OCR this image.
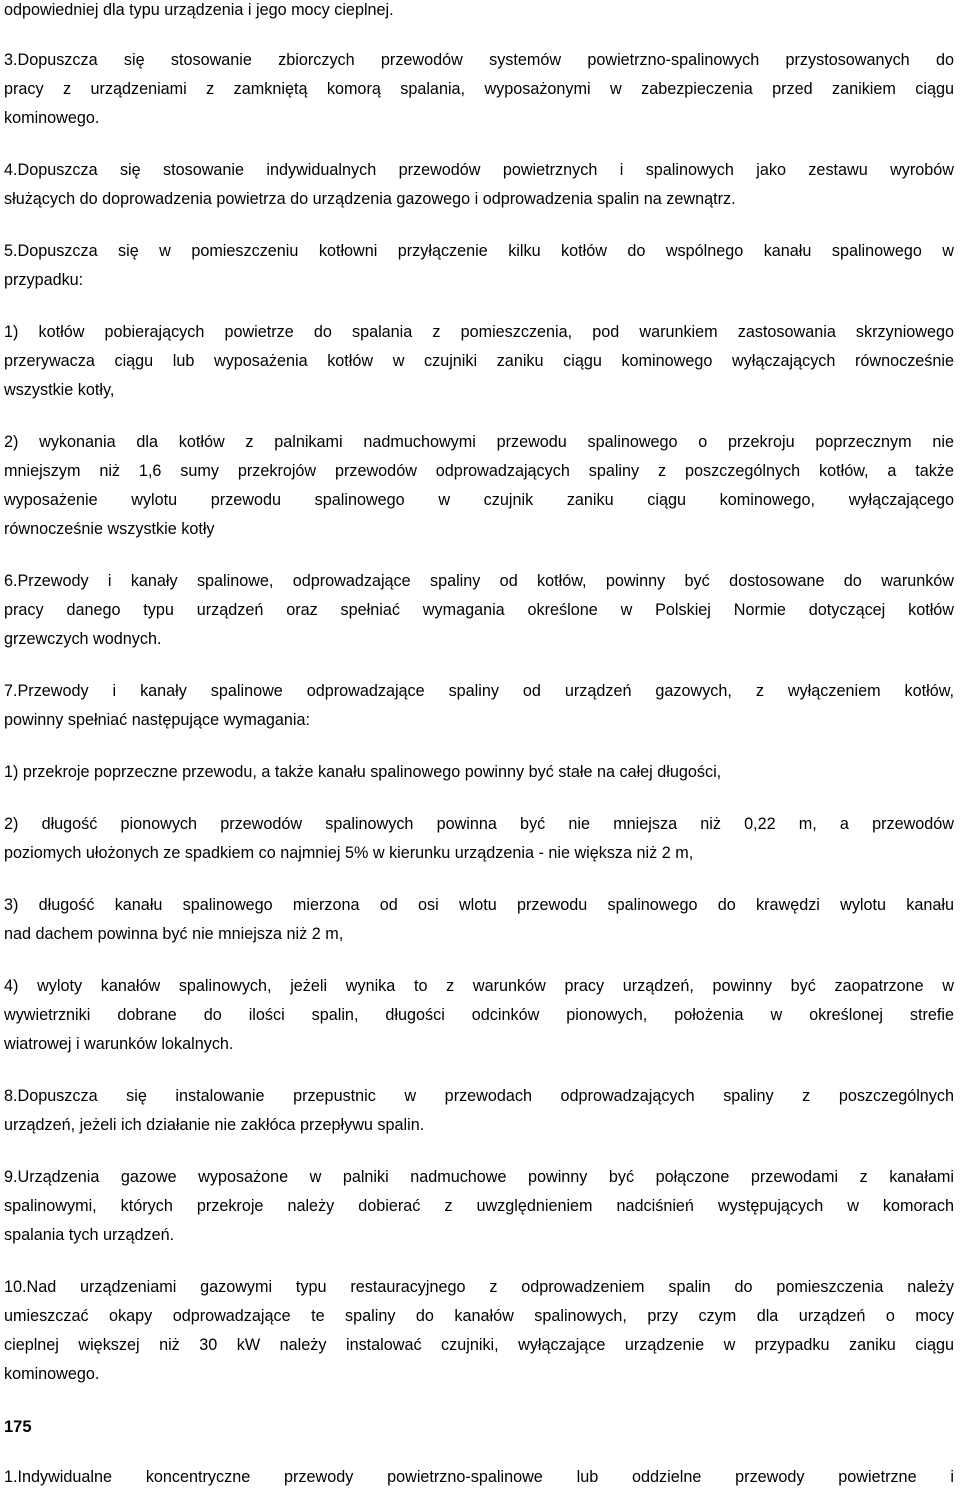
odpowiedniej dla typu urządzenia i jego mocy cieplnej.
3.Dopuszcza się stosowanie zbiorczych przewodów systemów powietrzno-spalinowych przystosowanych do
pracy z urządzeniami z zamkniętą komorą spalania, wyposażonymi w zabezpieczenia przed zanikiem ciągu
kominowego.
4.Dopuszcza się stosowanie indywidualnych przewodów powietrznych i spalinowych jako zestawu wyrobów
służących do doprowadzenia powietrza do urządzenia gazowego i odprowadzenia spalin na zewnątrz.
5.Dopuszcza się w pomieszczeniu kotłowni przyłączenie kilku kotłów do wspólnego kanału spalinowego w
przypadku:
1) kotłów pobierających powietrze do spalania z pomieszczenia, pod warunkiem zastosowania skrzyniowego
przerywacza ciągu lub wyposażenia kotłów w czujniki zaniku ciągu kominowego wyłączających równocześnie
wszystkie kotły,
2) wykonania dla kotłów z palnikami nadmuchowymi przewodu spalinowego o przekroju poprzecznym nie
mniejszym niż 1,6 sumy przekrojów przewodów odprowadzających spaliny z poszczególnych kotłów, a także
wyposażenie wylotu przewodu spalinowego w czujnik zaniku ciągu kominowego, wyłączającego
równocześnie wszystkie kotły
6.Przewody i kanały spalinowe, odprowadzające spaliny od kotłów, powinny być dostosowane do warunków
pracy danego typu urządzeń oraz spełniać wymagania określone w Polskiej Normie dotyczącej kotłów
grzewczych wodnych.
7.Przewody i kanały spalinowe odprowadzające spaliny od urządzeń gazowych, z wyłączeniem kotłów,
powinny spełniać następujące wymagania:
1) przekroje poprzeczne przewodu, a także kanału spalinowego powinny być stałe na całej długości,
2) długość pionowych przewodów spalinowych powinna być nie mniejsza niż 0,22 m, a przewodów
poziomych ułożonych ze spadkiem co najmniej 5% w kierunku urządzenia - nie większa niż 2 m,
3) długość kanału spalinowego mierzona od osi wlotu przewodu spalinowego do krawędzi wylotu kanału
nad dachem powinna być nie mniejsza niż 2 m,
4) wyloty kanałów spalinowych, jeżeli wynika to z warunków pracy urządzeń, powinny być zaopatrzone w
wywietrzniki dobrane do ilości spalin, długości odcinków pionowych, położenia w określonej strefie
wiatrowej i warunków lokalnych.
8.Dopuszcza się instalowanie przepustnic w przewodach odprowadzających spaliny z poszczególnych
urządzeń, jeżeli ich działanie nie zakłóca przepływu spalin.
9.Urządzenia gazowe wyposażone w palniki nadmuchowe powinny być połączone przewodami z kanałami
spalinowymi, których przekroje należy dobierać z uwzględnieniem nadciśnień występujących w komorach
spalania tych urządzeń.
10.Nad urządzeniami gazowymi typu restauracyjnego z odprowadzeniem spalin do pomieszczenia należy
umieszczać okapy odprowadzające te spaliny do kanałów spalinowych, przy czym dla urządzeń o mocy
cieplnej większej niż 30 kW należy instalować czujniki, wyłączające urządzenie w przypadku zaniku ciągu
kominowego.
175
1.Indywidualne koncentryczne przewody powietrzno-spalinowe lub oddzielne przewody powietrzne i
